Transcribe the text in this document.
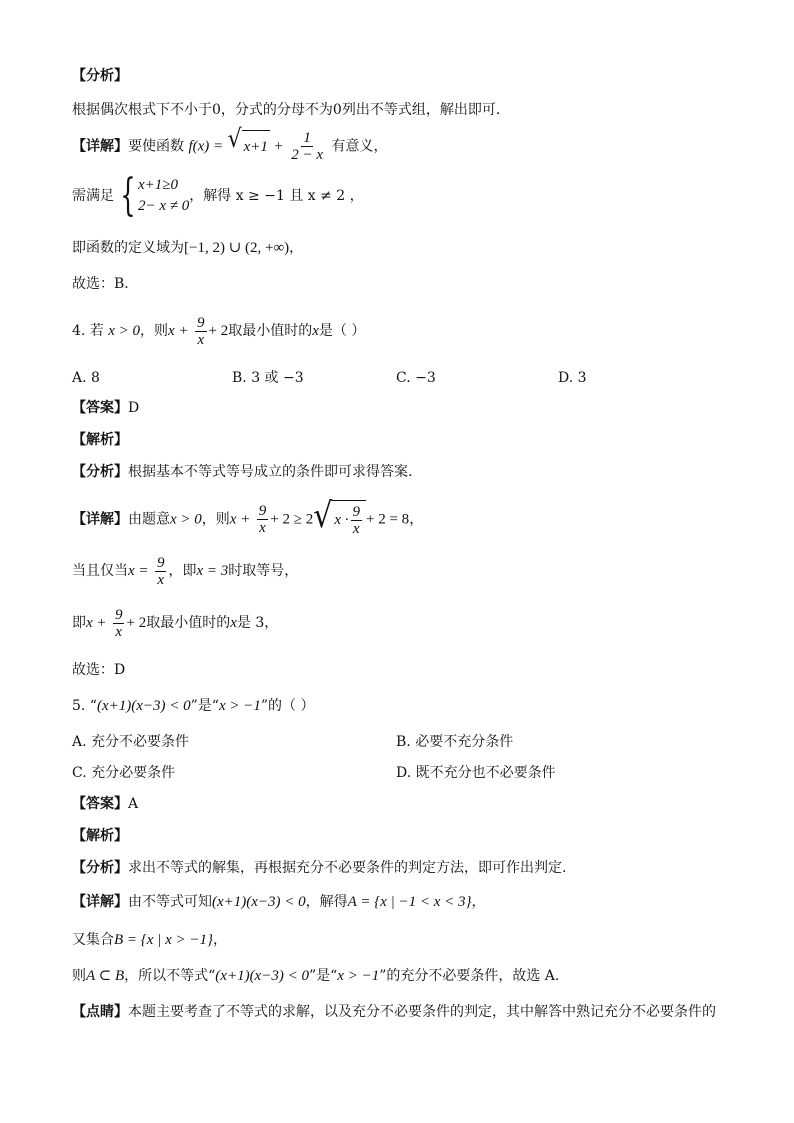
【分析】
根据偶次根式下不小于0，分式的分母不为0列出不等式组，解出即可.
【详解】要使函数 f(x) = √ $x+1 + \frac{1}{2 - x}$ 有意义，
需满足 { x+1≥0
2− x ≠ 0
，解得 x ≥ −1 且 x ≠ 2 ，
即函数的定义域为[−1, 2) ∪ (2, +∞)，
故选：B.
4. 若 x > 0，则$x + \frac{9}{x} + 2$取最小值时的x是（ ）
A. 8	B. 3 或 −3	C. −3	D. 3
【答案】D
【解析】
【分析】根据基本不等式等号成立的条件即可求得答案.
【详解】由题意x > 0，则$x + \frac{9}{x} + 2 \ge 2$ √ $x \cdot \frac{9}{x} + 2 = 8$，
当且仅当$x = \frac{9}{x}$ ，即x = 3时取等号，
即$x + \frac{9}{x} + 2$取最小值时的x是 3，
故选：D
5. “(x+1)(x−3) < 0”是“x > −1”的（ ）
A. 充分不必要条件	B. 必要不充分条件
C. 充分必要条件	D. 既不充分也不必要条件
【答案】A
【解析】
【分析】求出不等式的解集，再根据充分不必要条件的判定方法，即可作出判定.
【详解】由不等式可知(x+1)(x−3) < 0，解得A = {x | −1 < x < 3}，
又集合B = {x | x > −1}，
则A ⊂ B，所以不等式“(x+1)(x−3) < 0”是“x > −1”的充分不必要条件，故选 A.
【点睛】本题主要考查了不等式的求解，以及充分不必要条件的判定，其中解答中熟记充分不必要条件的
